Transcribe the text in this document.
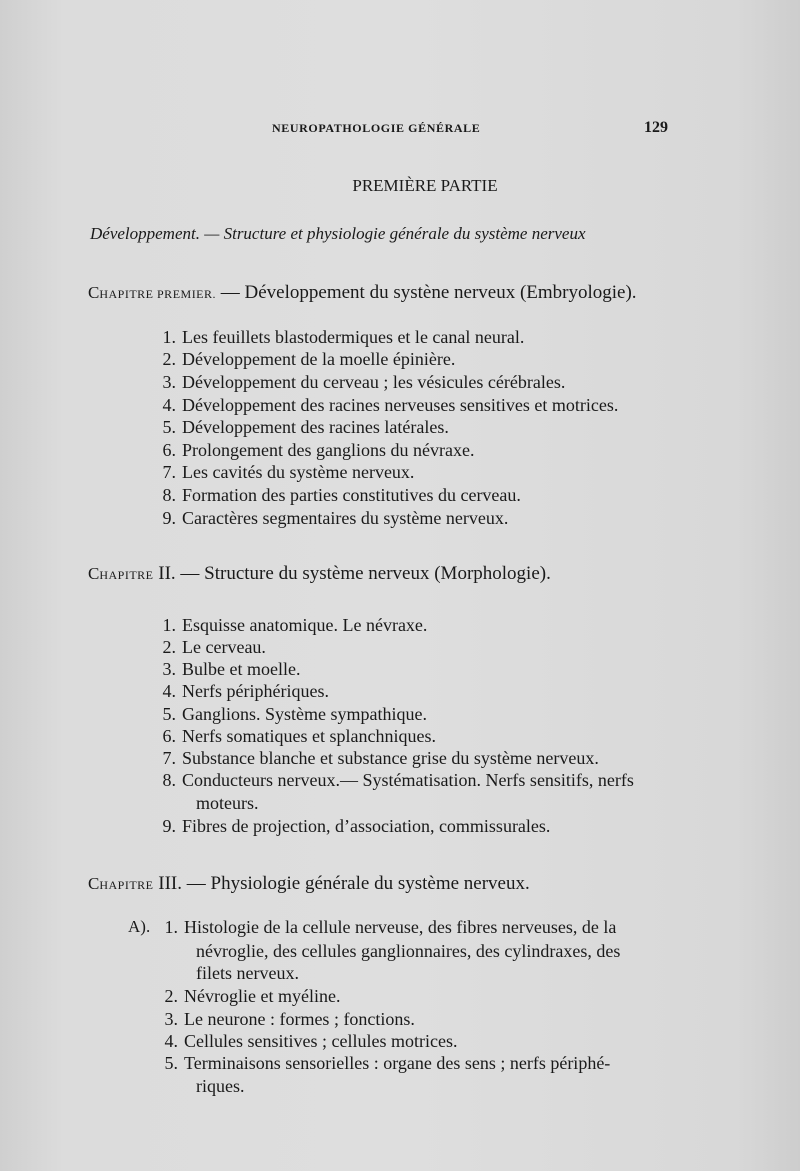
NEUROPATHOLOGIE GÉNÉRALE	129
PREMIÈRE PARTIE
Développement. — Structure et physiologie générale du système nerveux
CHAPITRE PREMIER. — Développement du systène nerveux (Embryologie).
1. Les feuillets blastodermiques et le canal neural.
2. Développement de la moelle épinière.
3. Développement du cerveau ; les vésicules cérébrales.
4. Développement des racines nerveuses sensitives et motrices.
5. Développement des racines latérales.
6. Prolongement des ganglions du névraxe.
7. Les cavités du système nerveux.
8. Formation des parties constitutives du cerveau.
9. Caractères segmentaires du système nerveux.
CHAPITRE II. — Structure du système nerveux (Morphologie).
1. Esquisse anatomique. Le névraxe.
2. Le cerveau.
3. Bulbe et moelle.
4. Nerfs périphériques.
5. Ganglions. Système sympathique.
6. Nerfs somatiques et splanchniques.
7. Substance blanche et substance grise du système nerveux.
8. Conducteurs nerveux.— Systématisation. Nerfs sensitifs, nerfs
moteurs.
9. Fibres de projection, d’association, commissurales.
CHAPITRE III. — Physiologie générale du système nerveux.
A). 1. Histologie de la cellule nerveuse, des fibres nerveuses, de la
névroglie, des cellules ganglionnaires, des cylindraxes, des
filets nerveux.
2. Névroglie et myéline.
3. Le neurone : formes ; fonctions.
4. Cellules sensitives ; cellules motrices.
5. Terminaisons sensorielles : organe des sens ; nerfs périphé-
riques.
